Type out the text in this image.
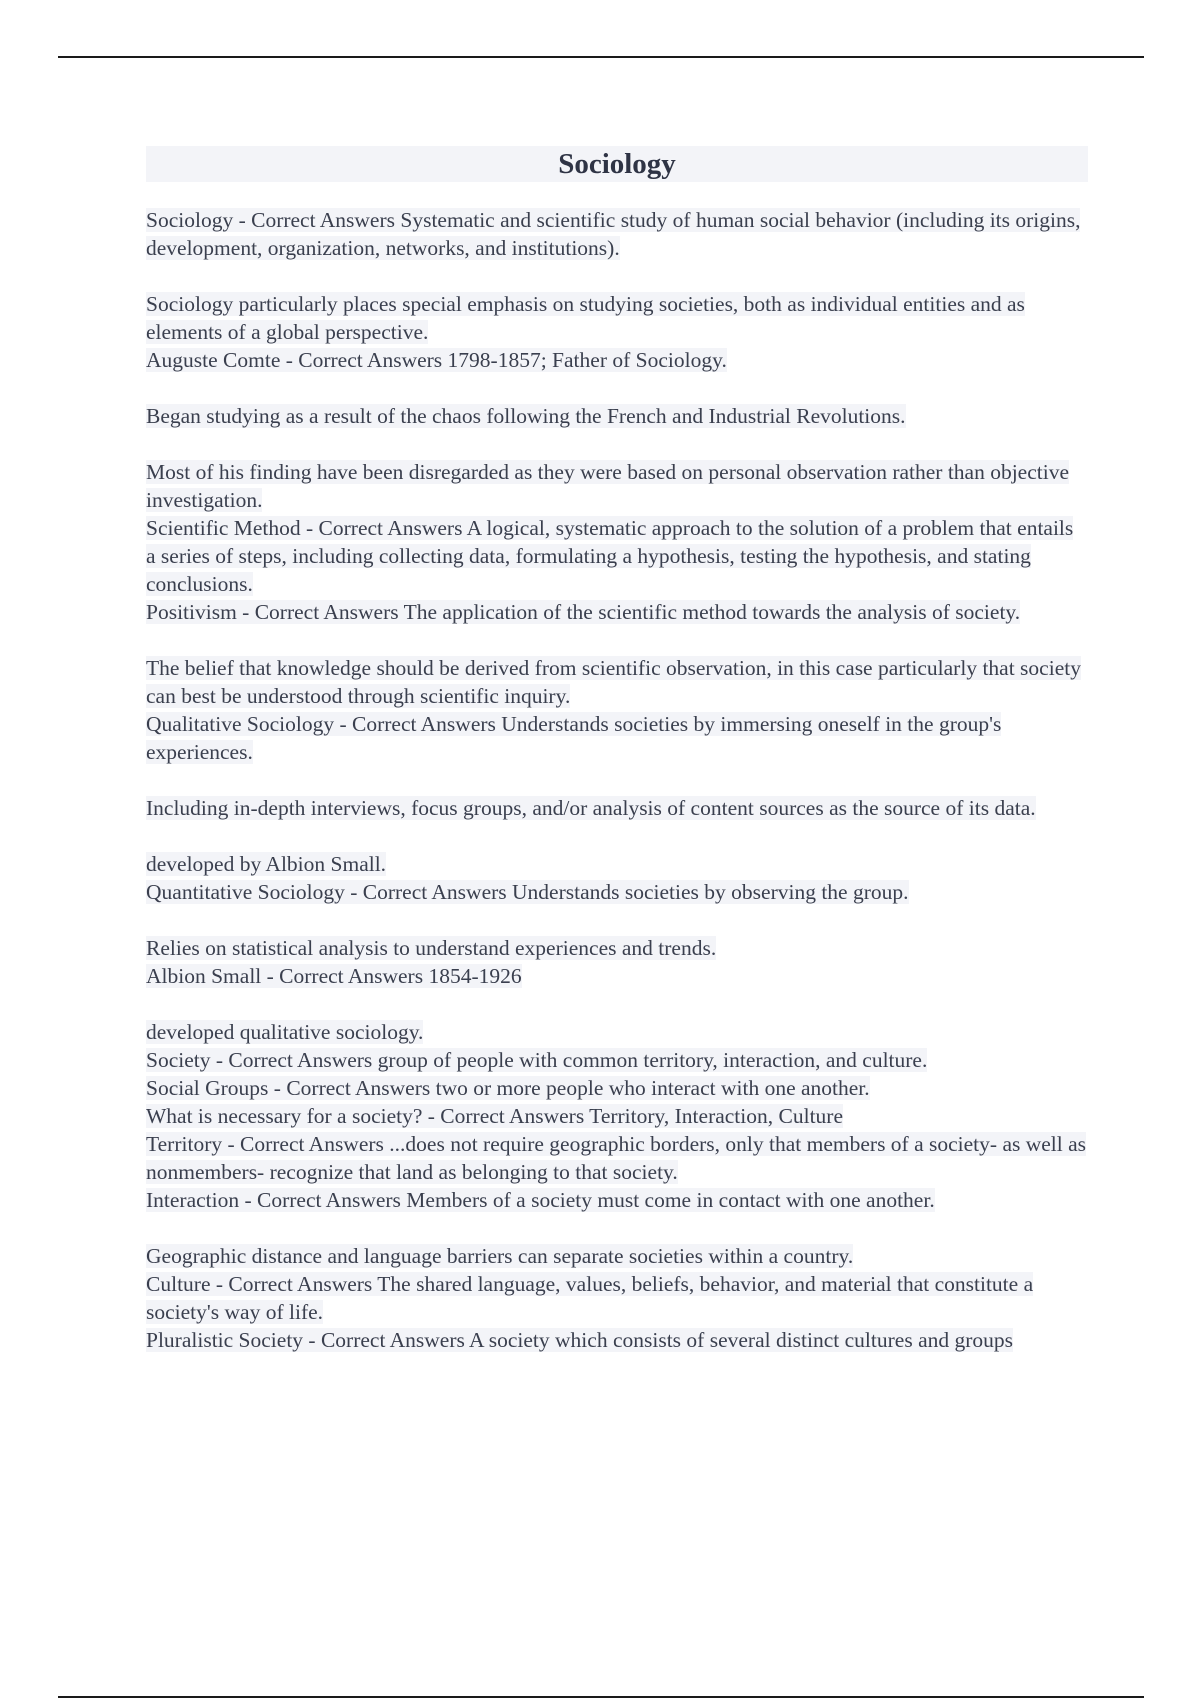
Sociology

Sociology - Correct Answers Systematic and scientific study of human social behavior (including its origins, development, organization, networks, and institutions).

Sociology particularly places special emphasis on studying societies, both as individual entities and as elements of a global perspective.

Auguste Comte - Correct Answers 1798-1857; Father of Sociology.

Began studying as a result of the chaos following the French and Industrial Revolutions.

Most of his finding have been disregarded as they were based on personal observation rather than objective investigation.

Scientific Method - Correct Answers A logical, systematic approach to the solution of a problem that entails a series of steps, including collecting data, formulating a hypothesis, testing the hypothesis, and stating conclusions.

Positivism - Correct Answers The application of the scientific method towards the analysis of society.

The belief that knowledge should be derived from scientific observation, in this case particularly that society can best be understood through scientific inquiry.

Qualitative Sociology - Correct Answers Understands societies by immersing oneself in the group's experiences.

Including in-depth interviews, focus groups, and/or analysis of content sources as the source of its data.

developed by Albion Small.

Quantitative Sociology - Correct Answers Understands societies by observing the group.

Relies on statistical analysis to understand experiences and trends.

Albion Small - Correct Answers 1854-1926

developed qualitative sociology.

Society - Correct Answers group of people with common territory, interaction, and culture.

Social Groups - Correct Answers two or more people who interact with one another.

What is necessary for a society? - Correct Answers Territory, Interaction, Culture

Territory - Correct Answers ...does not require geographic borders, only that members of a society- as well as nonmembers- recognize that land as belonging to that society.

Interaction - Correct Answers Members of a society must come in contact with one another.

Geographic distance and language barriers can separate societies within a country.

Culture - Correct Answers The shared language, values, beliefs, behavior, and material that constitute a society's way of life.

Pluralistic Society - Correct Answers A society which consists of several distinct cultures and groups
